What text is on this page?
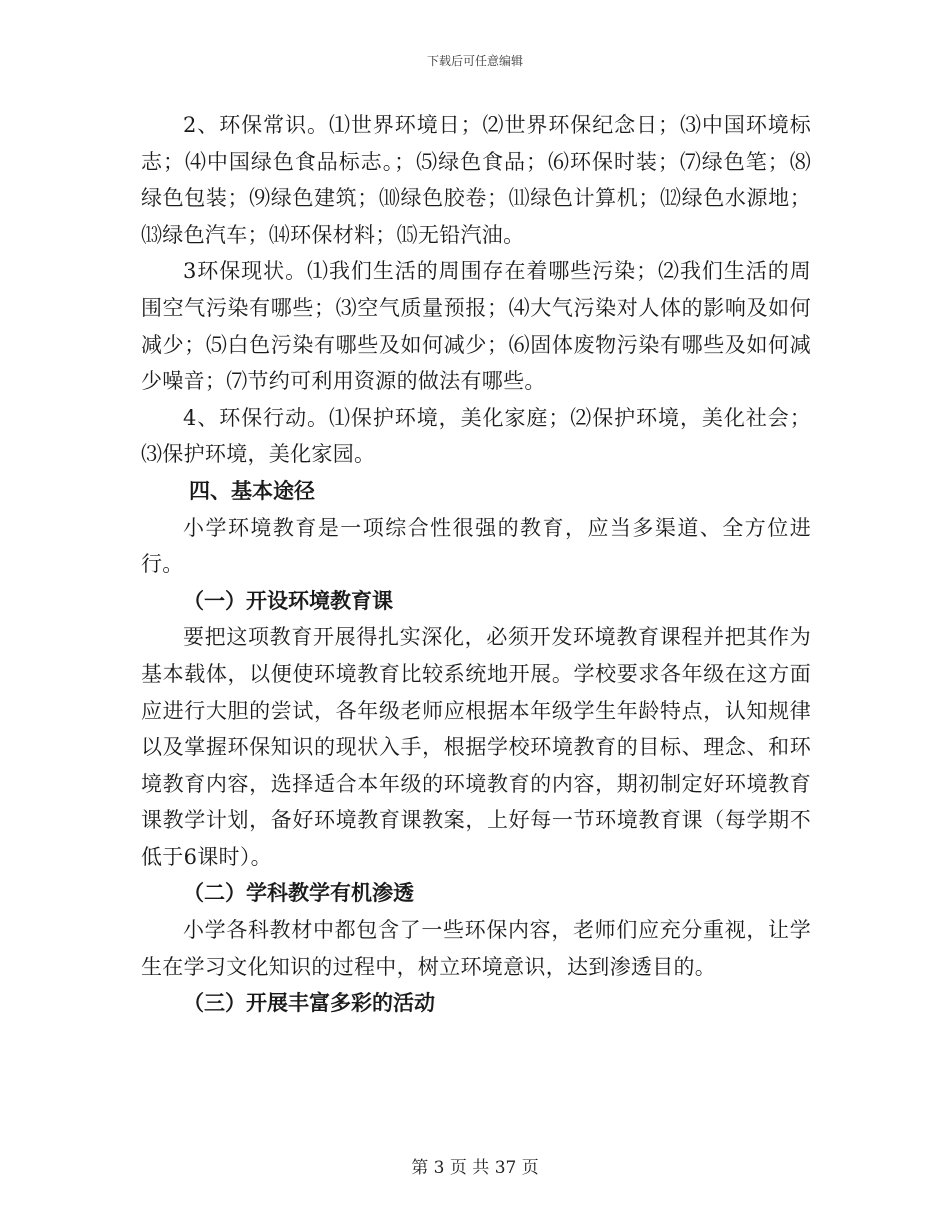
下载后可任意编辑

2、环保常识。⑴世界环境日；⑵世界环保纪念日；⑶中国环境标志；⑷中国绿色食品标志。；⑸绿色食品；⑹环保时装；⑺绿色笔；⑻绿色包装；⑼绿色建筑；⑽绿色胶卷；⑾绿色计算机；⑿绿色水源地；⒀绿色汽车；⒁环保材料；⒂无铅汽油。

3环保现状。⑴我们生活的周围存在着哪些污染；⑵我们生活的周围空气污染有哪些；⑶空气质量预报；⑷大气污染对人体的影响及如何减少；⑸白色污染有哪些及如何减少；⑹固体废物污染有哪些及如何减少噪音；⑺节约可利用资源的做法有哪些。

4、环保行动。⑴保护环境，美化家庭；⑵保护环境，美化社会；⑶保护环境，美化家园。

四、基本途径

小学环境教育是一项综合性很强的教育，应当多渠道、全方位进行。

（一）开设环境教育课

要把这项教育开展得扎实深化，必须开发环境教育课程并把其作为基本载体，以便使环境教育比较系统地开展。学校要求各年级在这方面应进行大胆的尝试，各年级老师应根据本年级学生年龄特点，认知规律以及掌握环保知识的现状入手，根据学校环境教育的目标、理念、和环境教育内容，选择适合本年级的环境教育的内容，期初制定好环境教育课教学计划，备好环境教育课教案，上好每一节环境教育课（每学期不低于6课时）。

（二）学科教学有机渗透

小学各科教材中都包含了一些环保内容，老师们应充分重视，让学生在学习文化知识的过程中，树立环境意识，达到渗透目的。

（三）开展丰富多彩的活动

第 3 页 共 37 页
